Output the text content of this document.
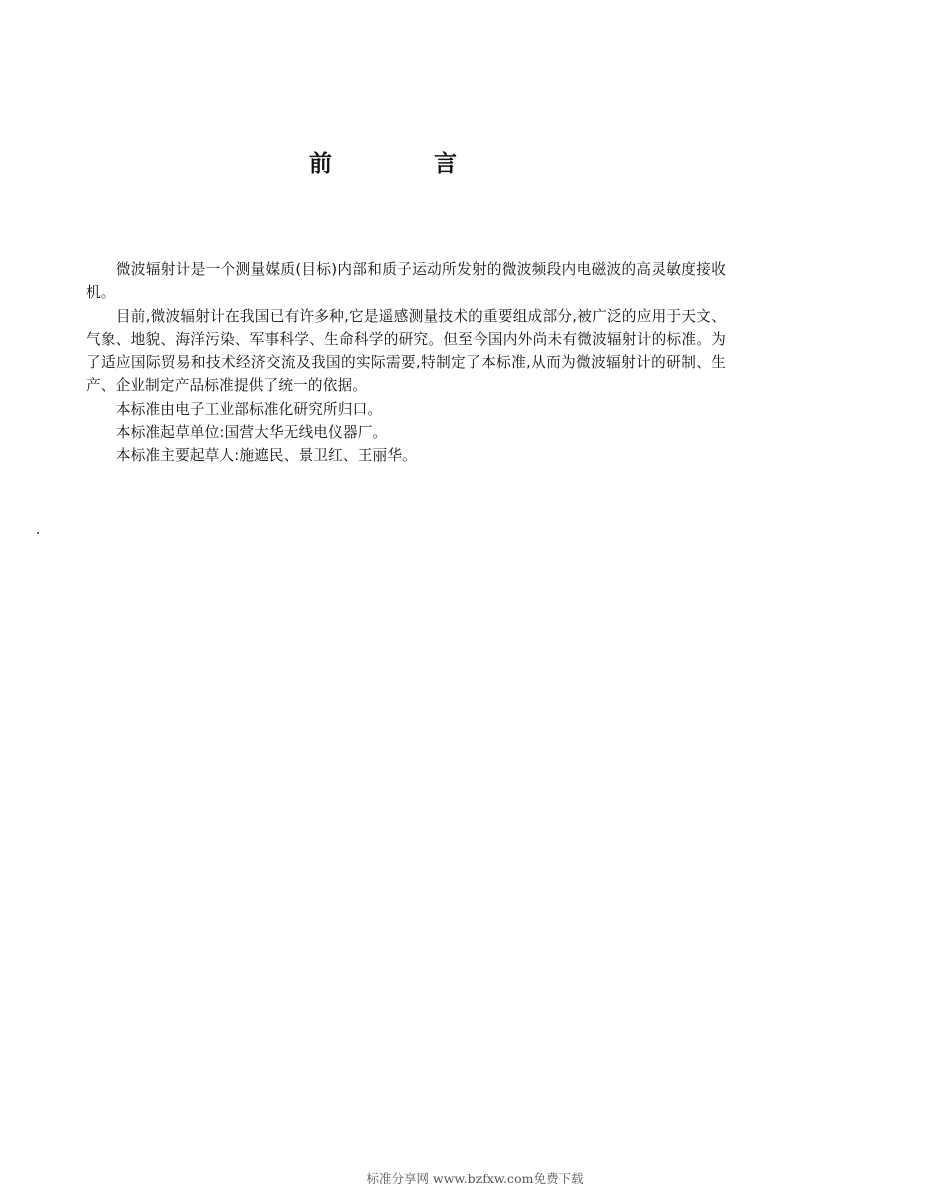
前	言

微波辐射计是一个测量媒质(目标)内部和质子运动所发射的微波频段内电磁波的高灵敏度接收机。

目前,微波辐射计在我国已有许多种,它是遥感测量技术的重要组成部分,被广泛的应用于天文、气象、地貌、海洋污染、军事科学、生命科学的研究。但至今国内外尚未有微波辐射计的标准。为了适应国际贸易和技术经济交流及我国的实际需要,特制定了本标准,从而为微波辐射计的研制、生产、企业制定产品标准提供了统一的依据。

本标准由电子工业部标准化研究所归口。

本标准起草单位:国营大华无线电仪器厂。

本标准主要起草人:施遮民、景卫红、王丽华。

标准分享网 www.bzfxw.com免费下载
